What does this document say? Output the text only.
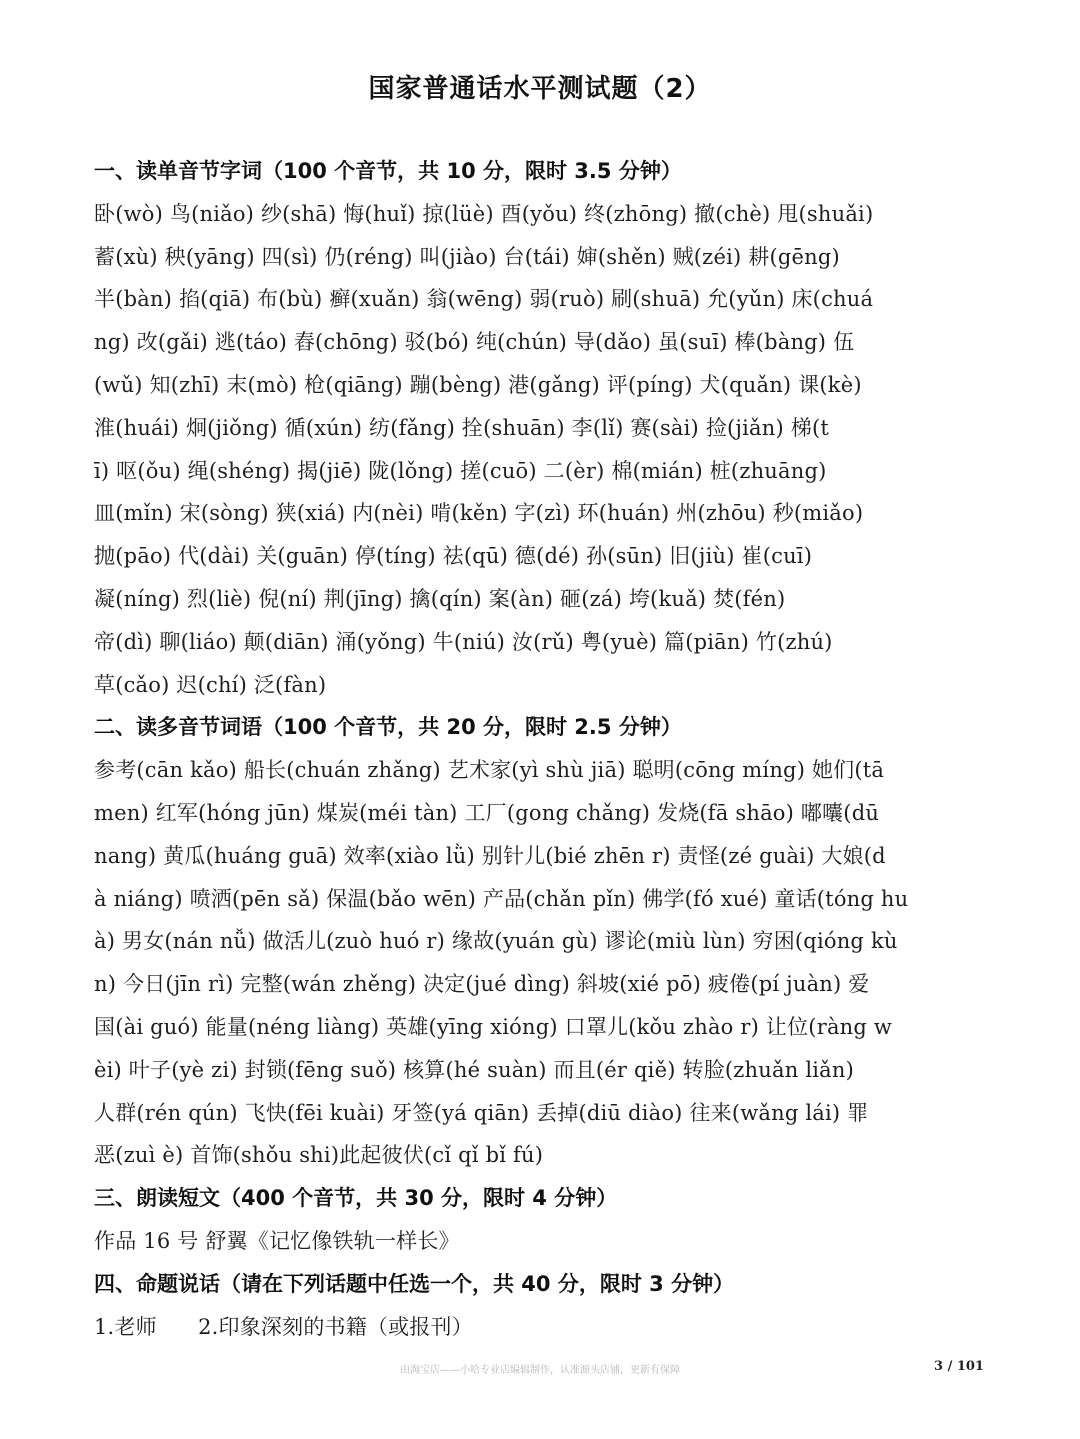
国家普通话水平测试题（2）
一、读单音节字词（100 个音节，共 10 分，限时 3.5 分钟）
卧(wò) 鸟(niǎo) 纱(shā) 悔(huǐ) 掠(lüè) 酉(yǒu) 终(zhōng) 撤(chè) 甩(shuǎi)
蓄(xù) 秧(yāng) 四(sì) 仍(réng) 叫(jiào) 台(tái) 婶(shěn) 贼(zéi) 耕(gēng)
半(bàn) 掐(qiā) 布(bù) 癣(xuǎn) 翁(wēng) 弱(ruò) 刷(shuā) 允(yǔn) 床(chuá
ng) 改(gǎi) 逃(táo) 舂(chōng) 驳(bó) 纯(chún) 导(dǎo) 虽(suī) 棒(bàng) 伍
(wǔ) 知(zhī) 末(mò) 枪(qiāng) 蹦(bèng) 港(gǎng) 评(píng) 犬(quǎn) 课(kè)
淮(huái) 炯(jiǒng) 循(xún) 纺(fǎng) 拴(shuān) 李(lǐ) 赛(sài) 捡(jiǎn) 梯(t
ī) 呕(ǒu) 绳(shéng) 揭(jiē) 陇(lǒng) 搓(cuō) 二(èr) 棉(mián) 桩(zhuāng)
皿(mǐn) 宋(sòng) 狭(xiá) 内(nèi) 啃(kěn) 字(zì) 环(huán) 州(zhōu) 秒(miǎo)
抛(pāo) 代(dài) 关(guān) 停(tíng) 祛(qū) 德(dé) 孙(sūn) 旧(jiù) 崔(cuī)
凝(níng) 烈(liè) 倪(ní) 荆(jīng) 擒(qín) 案(àn) 砸(zá) 垮(kuǎ) 焚(fén)
帝(dì) 聊(liáo) 颠(diān) 涌(yǒng) 牛(niú) 汝(rǔ) 粤(yuè) 篇(piān) 竹(zhú)
草(cǎo) 迟(chí) 泛(fàn)
二、读多音节词语（100 个音节，共 20 分，限时 2.5 分钟）
参考(cān kǎo) 船长(chuán zhǎng) 艺术家(yì shù jiā) 聪明(cōng míng) 她们(tā
men) 红军(hóng jūn) 煤炭(méi tàn) 工厂(gong chǎng) 发烧(fā shāo) 嘟囔(dū
nang) 黄瓜(huáng guā) 效率(xiào lǜ) 别针儿(bié zhēn r) 责怪(zé guài) 大娘(d
à niáng) 喷洒(pēn sǎ) 保温(bǎo wēn) 产品(chǎn pǐn) 佛学(fó xué) 童话(tóng hu
à) 男女(nán nǚ) 做活儿(zuò huó r) 缘故(yuán gù) 谬论(miù lùn) 穷困(qióng kù
n) 今日(jīn rì) 完整(wán zhěng) 决定(jué dìng) 斜坡(xié pō) 疲倦(pí juàn) 爱
国(ài guó) 能量(néng liàng) 英雄(yīng xióng) 口罩儿(kǒu zhào r) 让位(ràng w
èi) 叶子(yè zi) 封锁(fēng suǒ) 核算(hé suàn) 而且(ér qiě) 转脸(zhuǎn liǎn)
人群(rén qún) 飞快(fēi kuài) 牙签(yá qiān) 丢掉(diū diào) 往来(wǎng lái) 罪
恶(zuì è) 首饰(shǒu shi)此起彼伏(cǐ qǐ bǐ fú)
三、朗读短文（400 个音节，共 30 分，限时 4 分钟）
作品 16 号 舒翼《记忆像铁轨一样长》
四、命题说话（请在下列话题中任选一个，共 40 分，限时 3 分钟）
1.老师      2.印象深刻的书籍（或报刊）
由淘宝店——小哈专业店编辑制作，认准源头店铺，更新有保障	3 / 101
